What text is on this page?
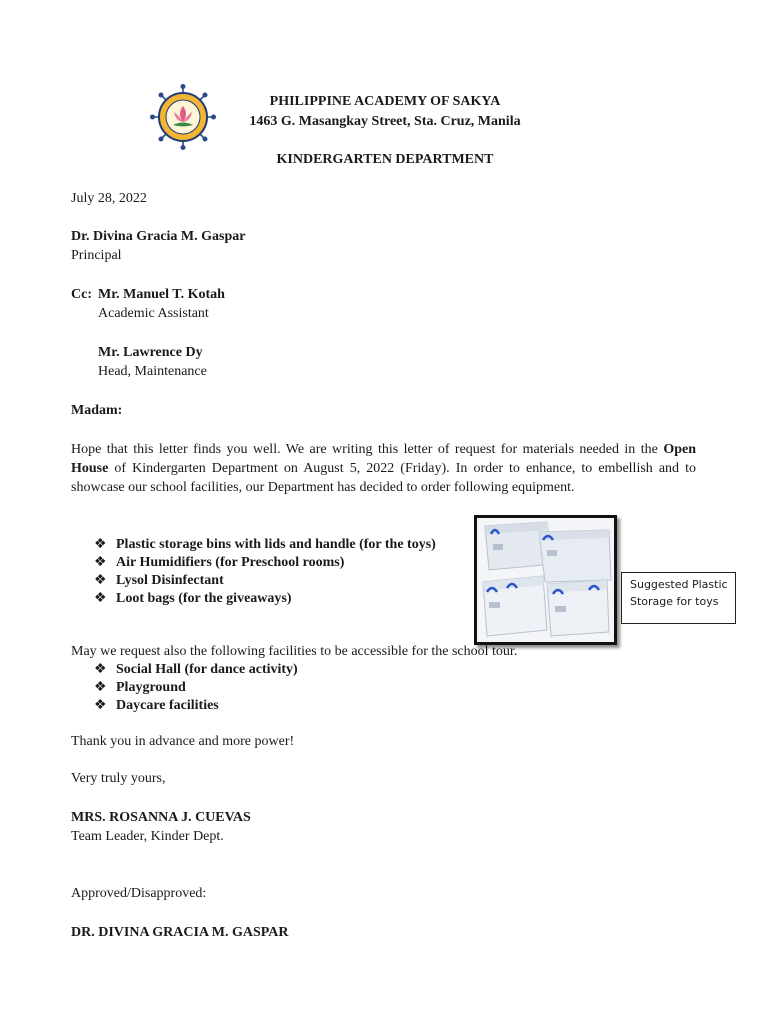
PHILIPPINE ACADEMY OF SAKYA
1463 G. Masangkay Street, Sta. Cruz, Manila
KINDERGARTEN DEPARTMENT
July 28, 2022
Dr. Divina Gracia M. Gaspar
Principal
Cc: Mr. Manuel T. Kotah
Academic Assistant
Mr. Lawrence Dy
Head, Maintenance
Madam:
Hope that this letter finds you well. We are writing this letter of request for materials needed in the Open House of Kindergarten Department on August 5, 2022 (Friday). In order to enhance, to embellish and to showcase our school facilities, our Department has decided to order following equipment.
❖ Plastic storage bins with lids and handle (for the toys)
❖ Air Humidifiers (for Preschool rooms)
❖ Lysol Disinfectant
❖ Loot bags (for the giveaways)
Suggested Plastic Storage for toys
May we request also the following facilities to be accessible for the school tour.
❖ Social Hall (for dance activity)
❖ Playground
❖ Daycare facilities
Thank you in advance and more power!
Very truly yours,
MRS. ROSANNA J. CUEVAS
Team Leader, Kinder Dept.
Approved/Disapproved:
DR. DIVINA GRACIA M. GASPAR
